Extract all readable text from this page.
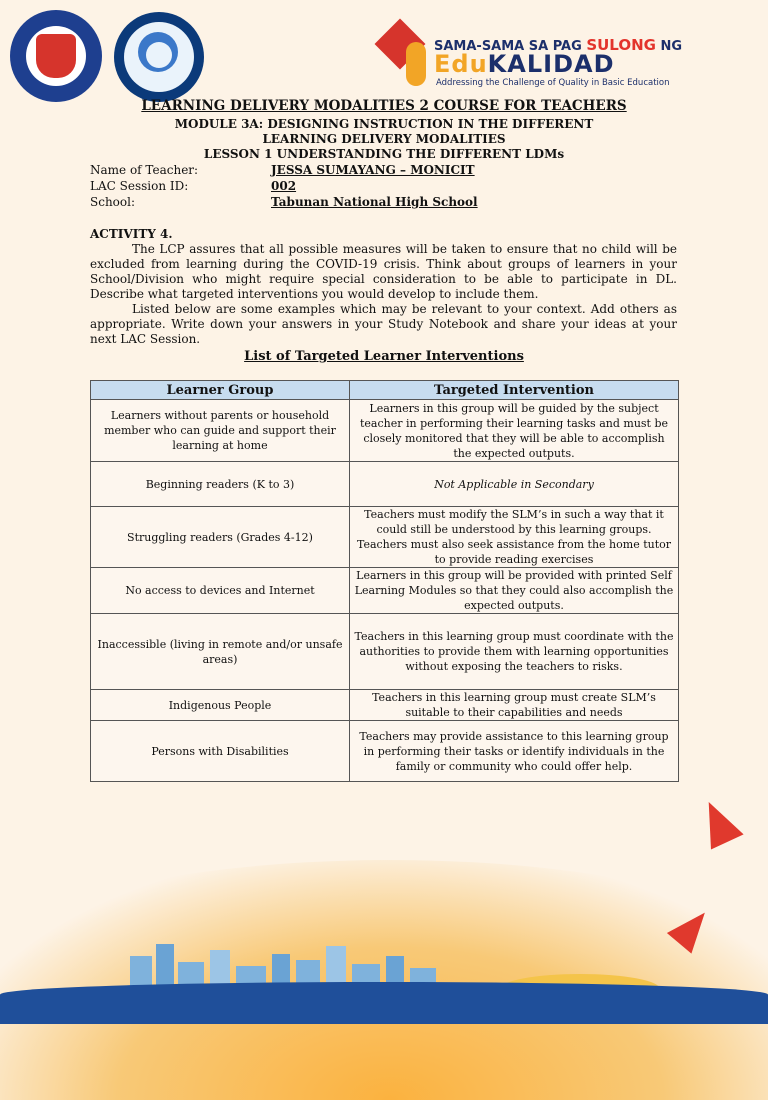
SAMA-SAMA SA PAG SULONG NG
EduKALIDAD
Addressing the Challenge of Quality in Basic Education
LEARNING DELIVERY MODALITIES 2 COURSE FOR TEACHERS
MODULE 3A: DESIGNING INSTRUCTION IN THE DIFFERENT
LEARNING DELIVERY MODALITIES
LESSON 1 UNDERSTANDING THE DIFFERENT LDMs
Name of Teacher:	JESSA SUMAYANG – MONICIT
LAC Session ID:	002
School:	Tabunan National High School
ACTIVITY 4.
The LCP assures that all possible measures will be taken to ensure that no child will be excluded from learning during the COVID-19 crisis. Think about groups of learners in your School/Division who might require special consideration to be able to participate in DL. Describe what targeted interventions you would develop to include them.
Listed below are some examples which may be relevant to your context. Add others as appropriate. Write down your answers in your Study Notebook and share your ideas at your next LAC Session.
List of Targeted Learner Interventions
Learner Group	Targeted Intervention
Learners without parents or household member who can guide and support their learning at home	Learners in this group will be guided by the subject teacher in performing their learning tasks and must be closely monitored that they will be able to accomplish the expected outputs.
Beginning readers (K to 3)	Not Applicable in Secondary
Struggling readers (Grades 4-12)	Teachers must modify the SLM’s in such a way that it could still be understood by this learning groups. Teachers must also seek assistance from the home tutor to provide reading exercises
No access to devices and Internet	Learners in this group will be provided with printed Self Learning Modules so that they could also accomplish the expected outputs.
Inaccessible (living in remote and/or unsafe areas)	Teachers in this learning group must coordinate with the authorities to provide them with learning opportunities without exposing the teachers to risks.
Indigenous People	Teachers in this learning group must create SLM’s suitable to their capabilities and needs
Persons with Disabilities	Teachers may provide assistance to this learning group in performing their tasks or identify individuals in the family or community who could offer help.
